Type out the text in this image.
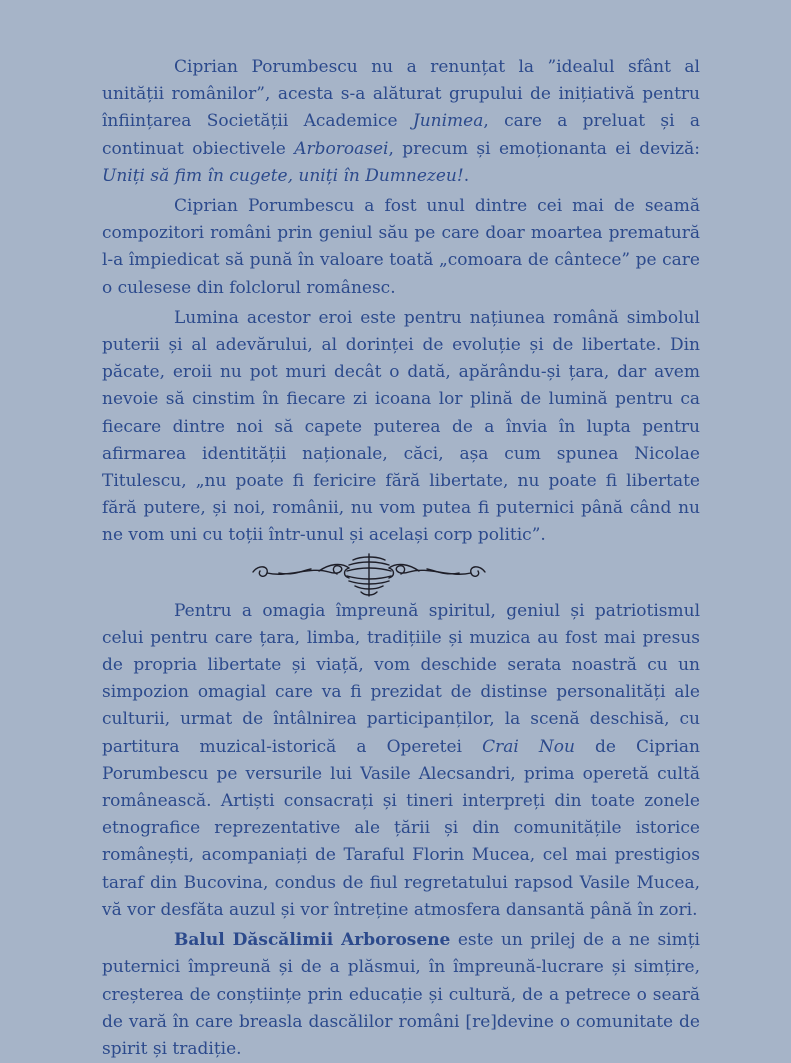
Ciprian Porumbescu nu a renunțat la ”idealul sfânt al unității românilor”, acesta s-a alăturat grupului de inițiativă pentru înființarea Societății Academice Junimea, care a preluat și a continuat obiectivele Arboroasei, precum și emoționanta ei deviză: Uniți să fim în cugete, uniți în Dumnezeu!.

Ciprian Porumbescu a fost unul dintre cei mai de seamă compozitori români prin geniul său pe care doar moartea prematură l-a împiedicat să pună în valoare toată „comoara de cântece” pe care o culesese din folclorul românesc.

Lumina acestor eroi este pentru națiunea română simbolul puterii și al adevărului, al dorinței de evoluție și de libertate. Din păcate, eroii nu pot muri decât o dată, apărându-și țara, dar avem nevoie să cinstim în fiecare zi icoana lor plină de lumină pentru ca fiecare dintre noi să capete puterea de a învia în lupta pentru afirmarea identității naționale, căci, așa cum spunea Nicolae Titulescu, „nu poate fi fericire fără libertate, nu poate fi libertate fără putere, și noi, românii, nu vom putea fi puternici până când nu ne vom uni cu toții într-unul și același corp politic”.

Pentru a omagia împreună spiritul, geniul și patriotismul celui pentru care țara, limba, tradițiile și muzica au fost mai presus de propria libertate și viață, vom deschide serata noastră cu un simpozion omagial care va fi prezidat de distinse personalități ale culturii, urmat de întâlnirea participanților, la scenă deschisă, cu partitura muzical-istorică a Operetei Crai Nou de Ciprian Porumbescu pe versurile lui Vasile Alecsandri, prima operetă cultă românească. Artiști consacrați și tineri interpreți din toate zonele etnografice reprezentative ale țării și din comunitățile istorice românești, acompaniați de Taraful Florin Mucea, cel mai prestigios taraf din Bucovina, condus de fiul regretatului rapsod Vasile Mucea, vă vor desfăta auzul și vor întreține atmosfera dansantă până în zori.

Balul Dăscălimii Arborosene este un prilej de a ne simți puternici împreună și de a plăsmui, în împreună-lucrare și simțire, creșterea de conștiințe prin educație și cultură, de a petrece o seară de vară în care breasla dascălilor români [re]devine o comunitate de spirit și tradiție.
